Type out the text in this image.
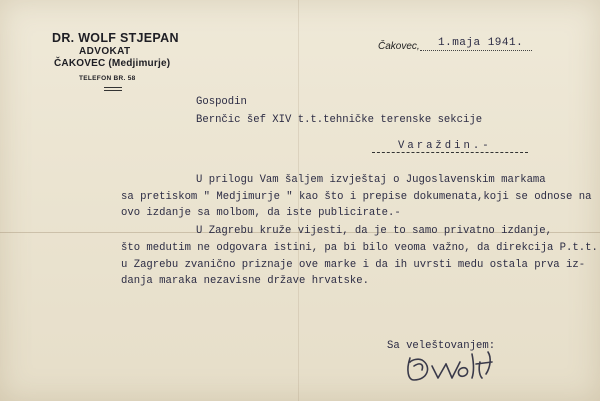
DR. WOLF STJEPAN
ADVOKAT
ČAKOVEC (Medjimurje)
TELEFON BR. 58
Čakovec, 1.maja 1941.
Gospodin
Bernčic šef XIV t.t.tehničke terenske sekcije
Varaždin.-
U prilogu Vam šaljem izvještaj o Jugoslavenskim markama
sa pretiskom " Medjimurje " kao što i prepise dokumenata,koji se odnose na
ovo izdanje sa molbom, da iste publicirate.-
U Zagrebu kruže vijesti, da je to samo privatno izdanje,
što medutim ne odgovara istini, pa bi bilo veoma važno, da direkcija P.t.t.
u Zagrebu zvanično priznaje ove marke i da ih uvrsti medu ostala prva iz-
danja maraka nezavisne države hrvatske.
Sa veleštovanjem:
